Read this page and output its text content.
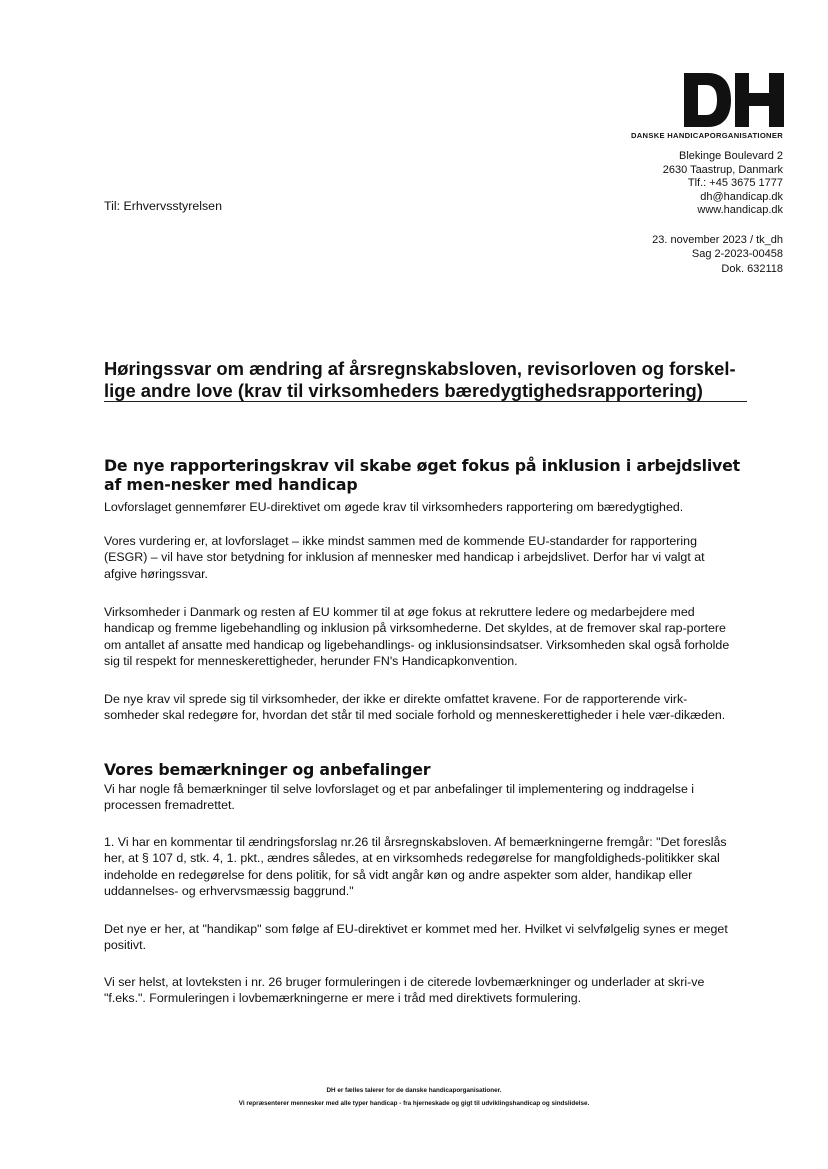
DANSKE HANDICAPORGANISATIONER
Blekinge Boulevard 2
2630 Taastrup, Danmark
Tlf.: +45 3675 1777
dh@handicap.dk
www.handicap.dk
Til: Erhvervsstyrelsen
23. november 2023 / tk_dh
Sag 2-2023-00458
Dok. 632118
Høringssvar om ændring af årsregnskabsloven, revisorloven og forskel-lige andre love (krav til virksomheders bæredygtighedsrapportering)
De nye rapporteringskrav vil skabe øget fokus på inklusion i arbejdslivet af men-nesker med handicap

Lovforslaget gennemfører EU-direktivet om øgede krav til virksomheders rapportering om bæredygtighed.

Vores vurdering er, at lovforslaget – ikke mindst sammen med de kommende EU-standarder for rapportering (ESGR) – vil have stor betydning for inklusion af mennesker med handicap i arbejdslivet. Derfor har vi valgt at afgive høringssvar.

Virksomheder i Danmark og resten af EU kommer til at øge fokus at rekruttere ledere og medarbejdere med handicap og fremme ligebehandling og inklusion på virksomhederne. Det skyldes, at de fremover skal rap-portere om antallet af ansatte med handicap og ligebehandlings- og inklusionsindsatser. Virksomheden skal også forholde sig til respekt for menneskerettigheder, herunder FN's Handicapkonvention.

De nye krav vil sprede sig til virksomheder, der ikke er direkte omfattet kravene. For de rapporterende virk-somheder skal redegøre for, hvordan det står til med sociale forhold og menneskerettigheder i hele vær-dikæden.

Vores bemærkninger og anbefalinger

Vi har nogle få bemærkninger til selve lovforslaget og et par anbefalinger til implementering og inddragelse i processen fremadrettet.

1. Vi har en kommentar til ændringsforslag nr.26 til årsregnskabsloven. Af bemærkningerne fremgår: "Det foreslås her, at § 107 d, stk. 4, 1. pkt., ændres således, at en virksomheds redegørelse for mangfoldigheds-politikker skal indeholde en redegørelse for dens politik, for så vidt angår køn og andre aspekter som alder, handikap eller uddannelses- og erhvervsmæssig baggrund."

Det nye er her, at "handikap" som følge af EU-direktivet er kommet med her. Hvilket vi selvfølgelig synes er meget positivt.

Vi ser helst, at lovteksten i nr. 26 bruger formuleringen i de citerede lovbemærkninger og underlader at skri-ve "f.eks.". Formuleringen i lovbemærkningerne er mere i tråd med direktivets formulering.

DH er fælles talerer for de danske handicaporganisationer.
Vi repræsenterer mennesker med alle typer handicap - fra hjerneskade og gigt til udviklingshandicap og sindslidelse.
